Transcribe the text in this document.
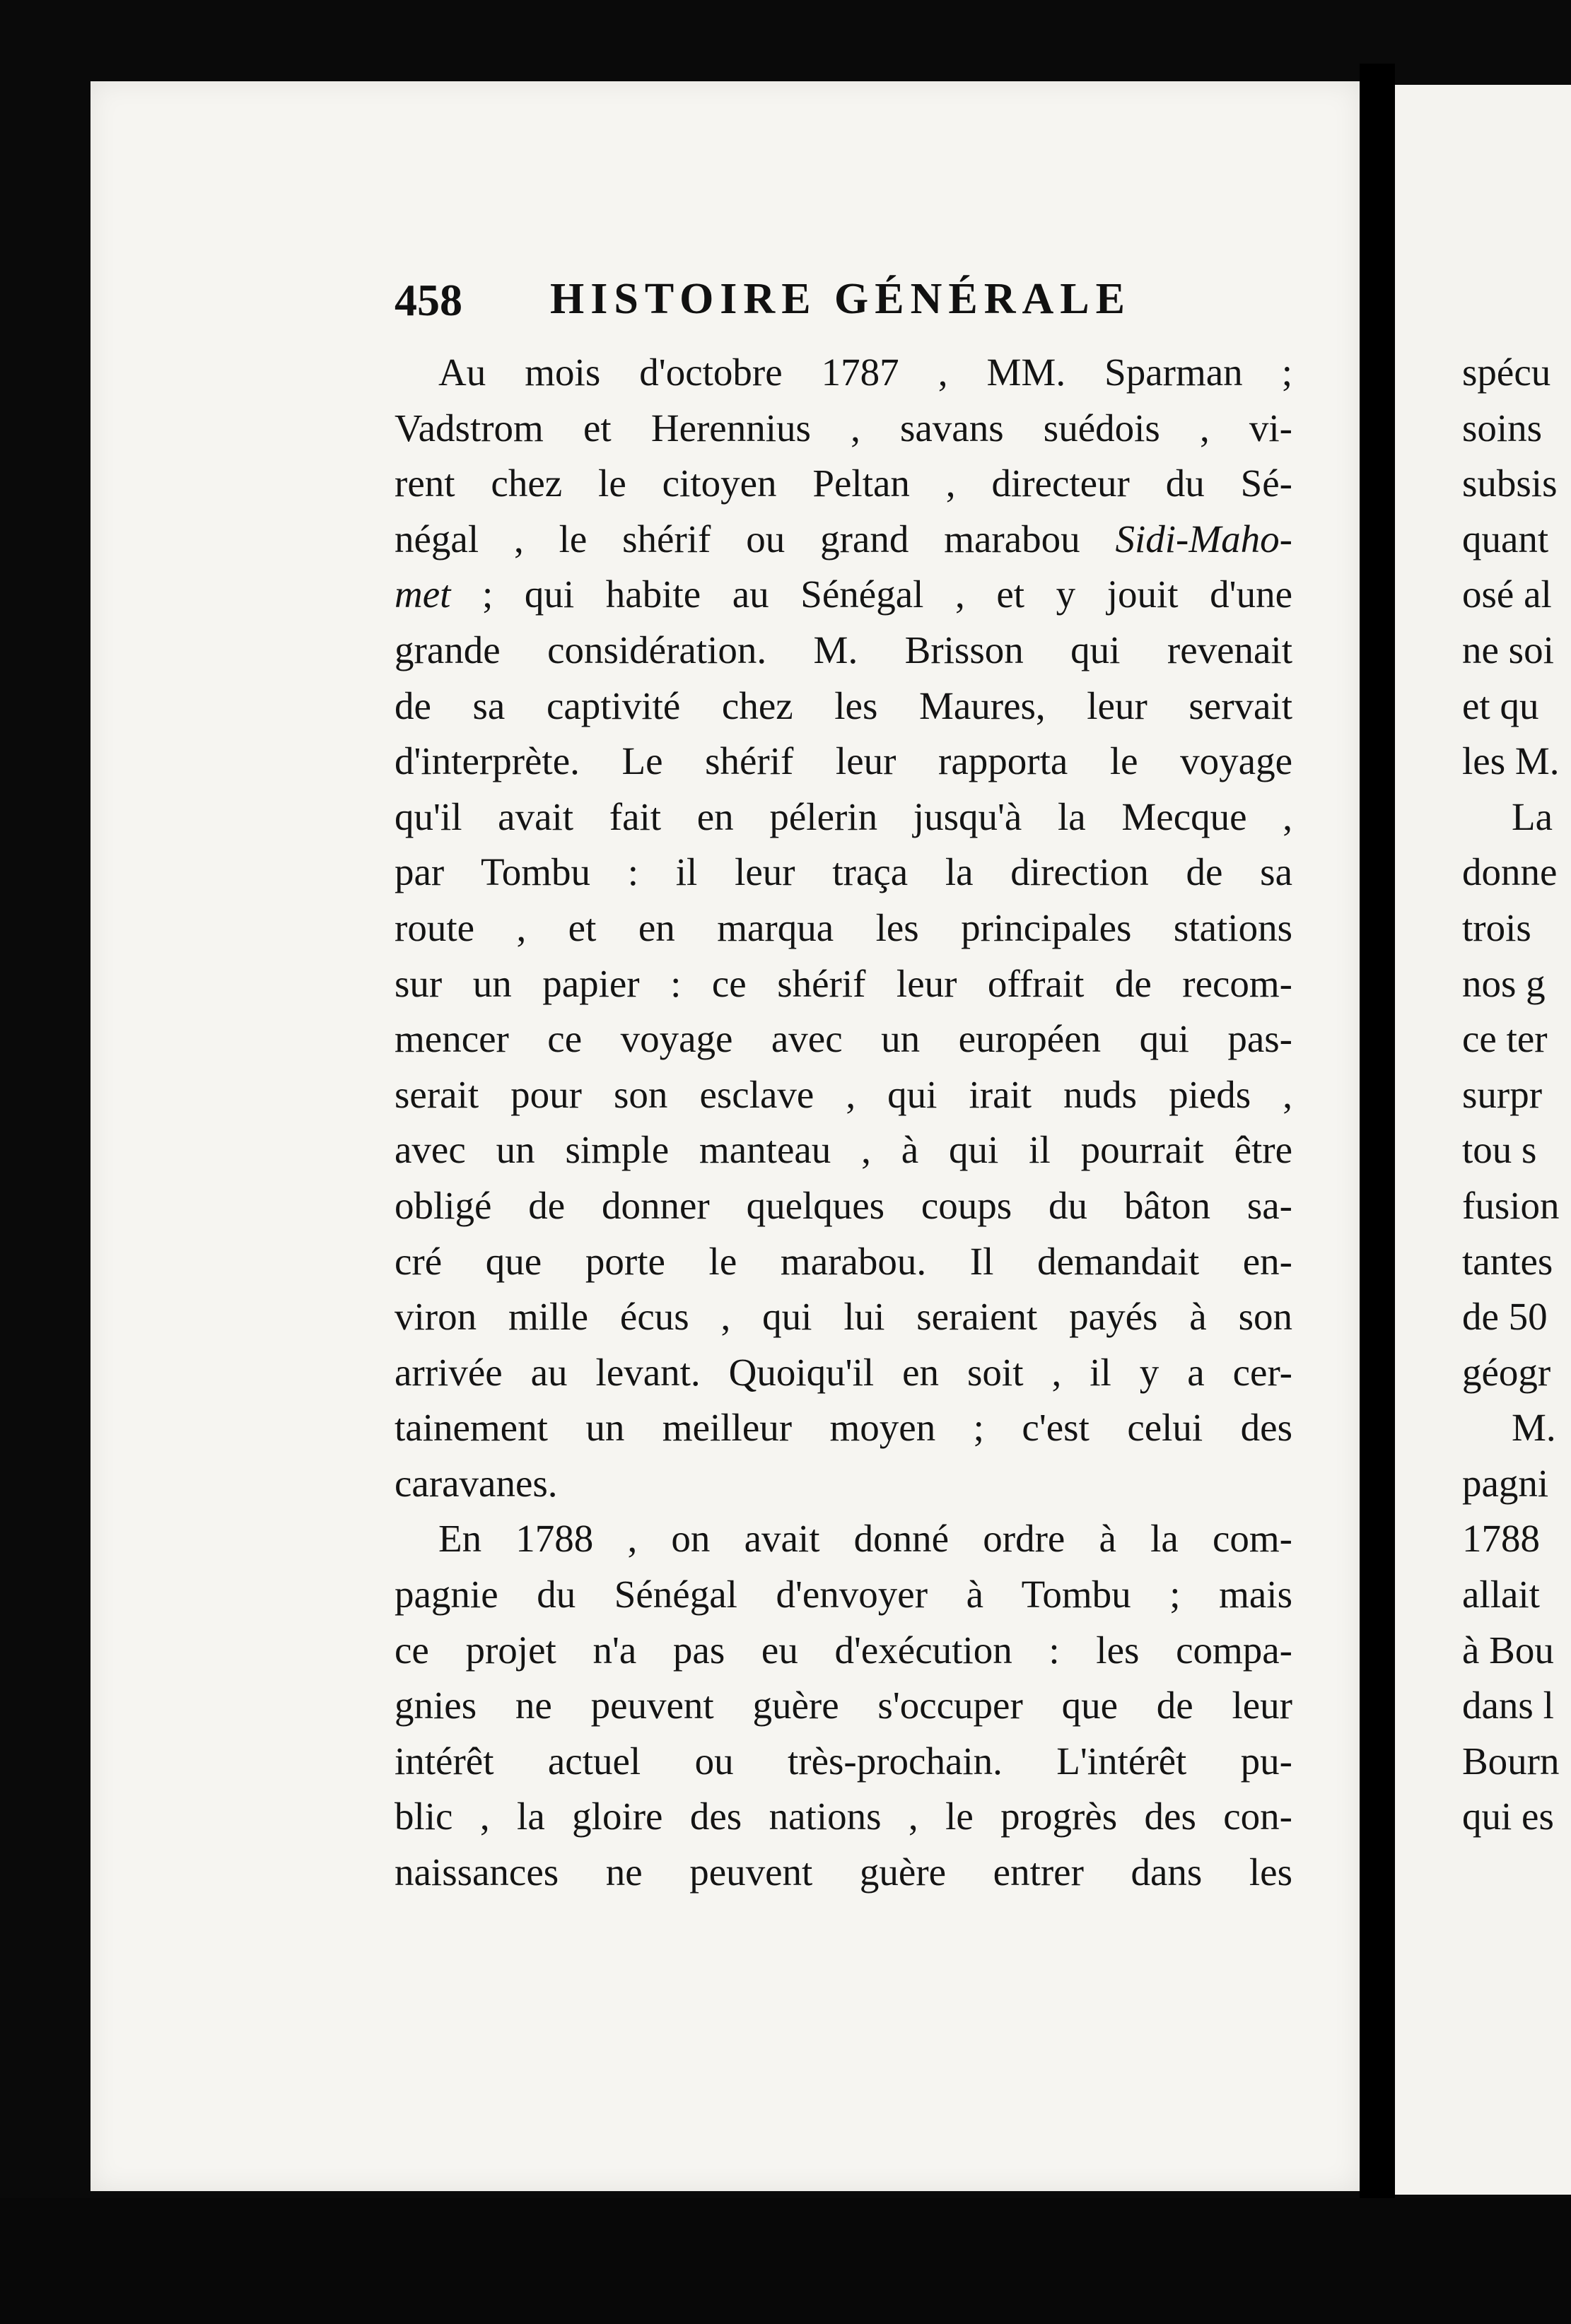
458 HISTOIRE GÉNÉRALE
Au mois d'octobre 1787 , MM. Sparman ;
Vadstrom et Herennius , savans suédois , vi-
rent chez le citoyen Peltan , directeur du Sé-
négal , le shérif ou grand marabou Sidi-Maho-
met ; qui habite au Sénégal , et y jouit d'une
grande considération. M. Brisson qui revenait
de sa captivité chez les Maures, leur servait
d'interprète. Le shérif leur rapporta le voyage
qu'il avait fait en pélerin jusqu'à la Mecque ,
par Tombu : il leur traça la direction de sa
route , et en marqua les principales stations
sur un papier : ce shérif leur offrait de recom-
mencer ce voyage avec un européen qui pas-
serait pour son esclave , qui irait nuds pieds ,
avec un simple manteau , à qui il pourrait être
obligé de donner quelques coups du bâton sa-
cré que porte le marabou. Il demandait en-
viron mille écus , qui lui seraient payés à son
arrivée au levant. Quoiqu'il en soit , il y a cer-
tainement un meilleur moyen ; c'est celui des
caravanes.
En 1788 , on avait donné ordre à la com-
pagnie du Sénégal d'envoyer à Tombu ; mais
ce projet n'a pas eu d'exécution : les compa-
gnies ne peuvent guère s'occuper que de leur
intérêt actuel ou très-prochain. L'intérêt pu-
blic , la gloire des nations , le progrès des con-
naissances ne peuvent guère entrer dans les
spécu
soins
subsis
quant
osé al
ne soi
et qu
les M.
La
donne
trois
nos g
ce ter
surpr
tou s
fusion
tantes
de 50
géogr
M.
pagni
1788
allait
à Bou
dans l
Bourn
qui es
